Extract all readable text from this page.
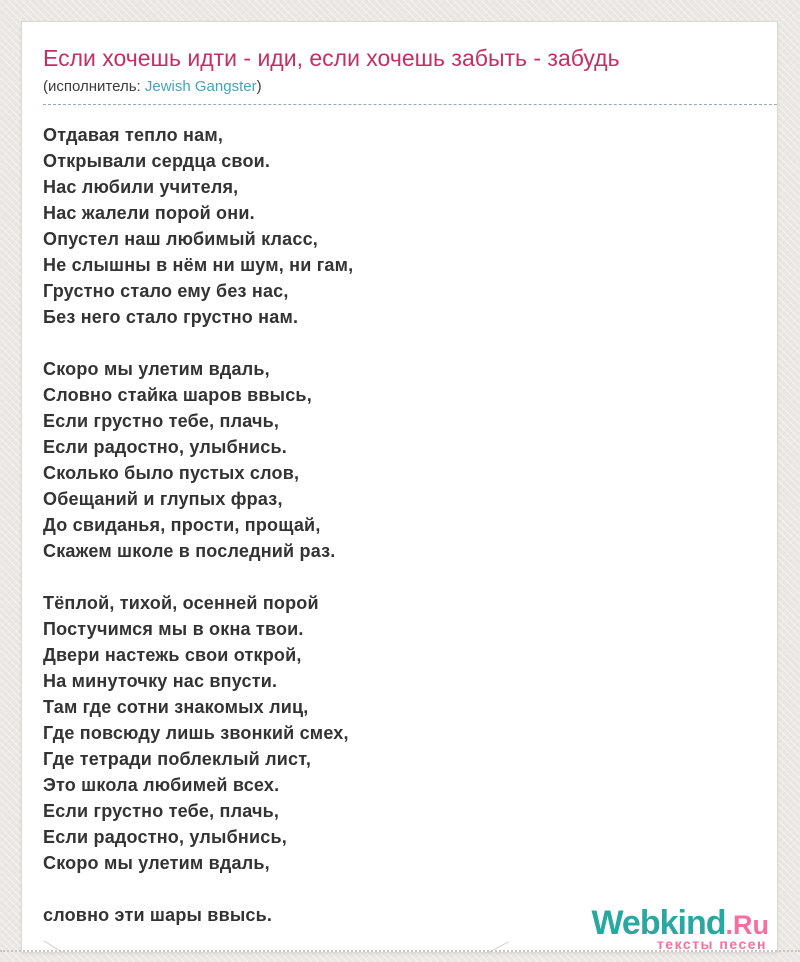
Если хочешь идти - иди, если хочешь забыть - забудь
(исполнитель: Jewish Gangster)
Отдавая тепло нам,
Открывали сердца свои.
Нас любили учителя,
Нас жалели порой они.
Опустел наш любимый класс,
Не слышны в нём ни шум, ни гам,
Грустно стало ему без нас,
Без него стало грустно нам.

Скоро мы улетим вдаль,
Словно стайка шаров ввысь,
Если грустно тебе, плачь,
Если радостно, улыбнись.
Сколько было пустых слов,
Обещаний и глупых фраз,
До свиданья, прости, прощай,
Скажем школе в последний раз.

Тёплой, тихой, осенней порой
Постучимся мы в окна твои.
Двери настежь свои открой,
На минуточку нас впусти.
Там где сотни знакомых лиц,
Где повсюду лишь звонкий смех,
Где тетради поблеклый лист,
Это школа любимей всех.
Если грустно тебе, плачь,
Если радостно, улыбнись,
Скоро мы улетим вдаль,

словно эти шары ввысь.	Webkind.Ru
тексты песен
